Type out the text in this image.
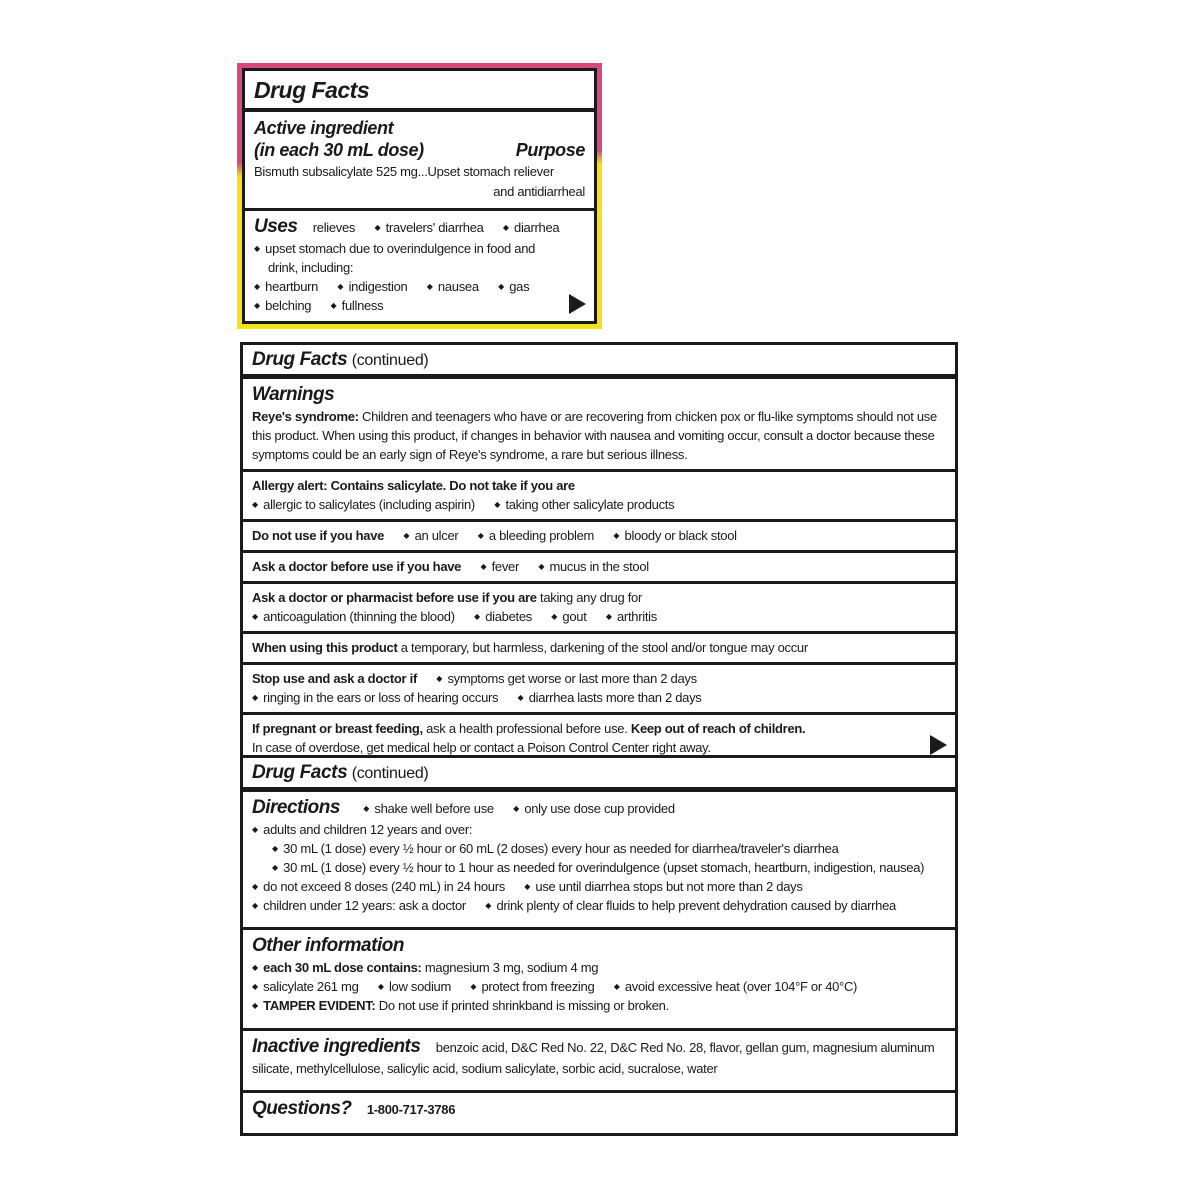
Drug Facts
Active ingredient
(in each 30 mL dose)	Purpose
Bismuth subsalicylate 525 mg...Upset stomach reliever
and antidiarrheal
Uses relieves ◆ travelers' diarrhea ◆ diarrhea
◆ upset stomach due to overindulgence in food and drink, including:
◆ heartburn ◆ indigestion ◆ nausea ◆ gas
◆ belching ◆ fullness
Drug Facts (continued)
Warnings
Reye's syndrome: Children and teenagers who have or are recovering from chicken pox or flu-like symptoms should not use this product. When using this product, if changes in behavior with nausea and vomiting occur, consult a doctor because these symptoms could be an early sign of Reye's syndrome, a rare but serious illness.
Allergy alert: Contains salicylate. Do not take if you are
◆ allergic to salicylates (including aspirin) ◆ taking other salicylate products
Do not use if you have ◆ an ulcer ◆ a bleeding problem ◆ bloody or black stool
Ask a doctor before use if you have ◆ fever ◆ mucus in the stool
Ask a doctor or pharmacist before use if you are taking any drug for
◆ anticoagulation (thinning the blood) ◆ diabetes ◆ gout ◆ arthritis
When using this product a temporary, but harmless, darkening of the stool and/or tongue may occur
Stop use and ask a doctor if ◆ symptoms get worse or last more than 2 days
◆ ringing in the ears or loss of hearing occurs ◆ diarrhea lasts more than 2 days
If pregnant or breast feeding, ask a health professional before use. Keep out of reach of children.
In case of overdose, get medical help or contact a Poison Control Center right away.
Drug Facts (continued)
Directions	◆ shake well before use ◆ only use dose cup provided
◆ adults and children 12 years and over:
◆ 30 mL (1 dose) every ½ hour or 60 mL (2 doses) every hour as needed for diarrhea/traveler's diarrhea
◆ 30 mL (1 dose) every ½ hour to 1 hour as needed for overindulgence (upset stomach, heartburn, indigestion, nausea)
◆ do not exceed 8 doses (240 mL) in 24 hours ◆ use until diarrhea stops but not more than 2 days
◆ children under 12 years: ask a doctor ◆ drink plenty of clear fluids to help prevent dehydration caused by diarrhea
Other information
◆ each 30 mL dose contains: magnesium 3 mg, sodium 4 mg
◆ salicylate 261 mg ◆ low sodium ◆ protect from freezing ◆ avoid excessive heat (over 104°F or 40°C)
◆ TAMPER EVIDENT: Do not use if printed shrinkband is missing or broken.
Inactive ingredients benzoic acid, D&C Red No. 22, D&C Red No. 28, flavor, gellan gum, magnesium aluminum silicate, methylcellulose, salicylic acid, sodium salicylate, sorbic acid, sucralose, water
Questions? 1-800-717-3786
